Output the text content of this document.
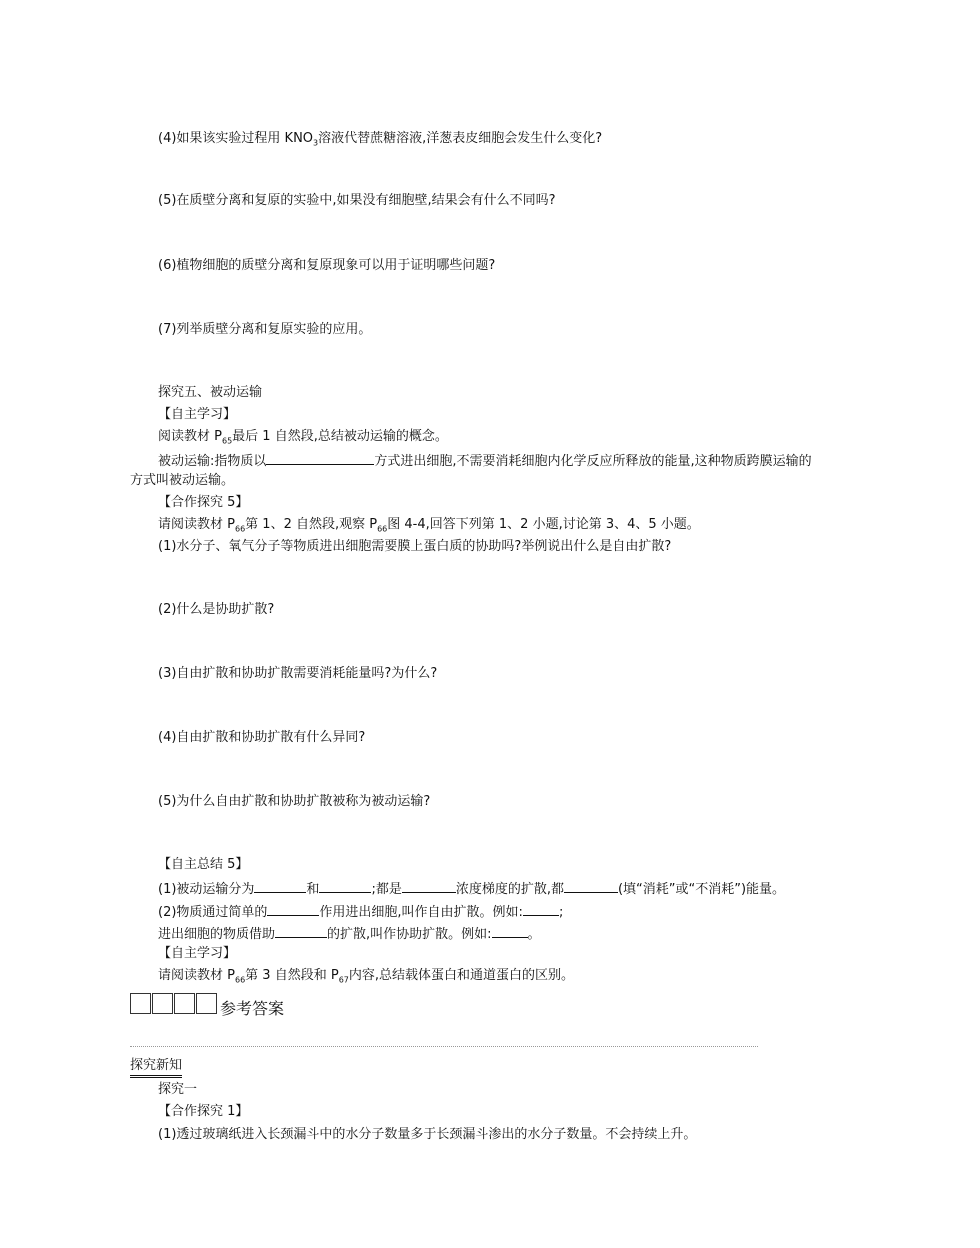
(4)如果该实验过程用 $KNO_3$溶液代替蔗糖溶液,洋葱表皮细胞会发生什么变化?
(5)在质壁分离和复原的实验中,如果没有细胞壁,结果会有什么不同吗?
(6)植物细胞的质壁分离和复原现象可以用于证明哪些问题?
(7)列举质壁分离和复原实验的应用。
探究五、被动运输
【自主学习】
阅读教材 $P_{65}$最后 1 自然段,总结被动运输的概念。
被动运输:指物质以	方式进出细胞,不需要消耗细胞内化学反应所释放的能量,这种物质跨膜运输的
方式叫被动运输。
【合作探究 5】
请阅读教材 $P_{66}$第 1、2 自然段,观察 $P_{66}$图 4-4,回答下列第 1、2 小题,讨论第 3、4、5 小题。
(1)水分子、氧气分子等物质进出细胞需要膜上蛋白质的协助吗?举例说出什么是自由扩散?
(2)什么是协助扩散?
(3)自由扩散和协助扩散需要消耗能量吗?为什么?
(4)自由扩散和协助扩散有什么异同?
(5)为什么自由扩散和协助扩散被称为被动运输?
【自主总结 5】
(1)被动运输分为	和	;都是	浓度梯度的扩散,都	(填“消耗”或“不消耗”)能量。
(2)物质通过简单的	作用进出细胞,叫作自由扩散。例如:	;
进出细胞的物质借助	的扩散,叫作协助扩散。例如:	。
【自主学习】
请阅读教材 $P_{66}$第 3 自然段和 $P_{67}$内容,总结载体蛋白和通道蛋白的区别。
参考答案
探究新知
探究一
【合作探究 1】
(1)透过玻璃纸进入长颈漏斗中的水分子数量多于长颈漏斗渗出的水分子数量。不会持续上升。
